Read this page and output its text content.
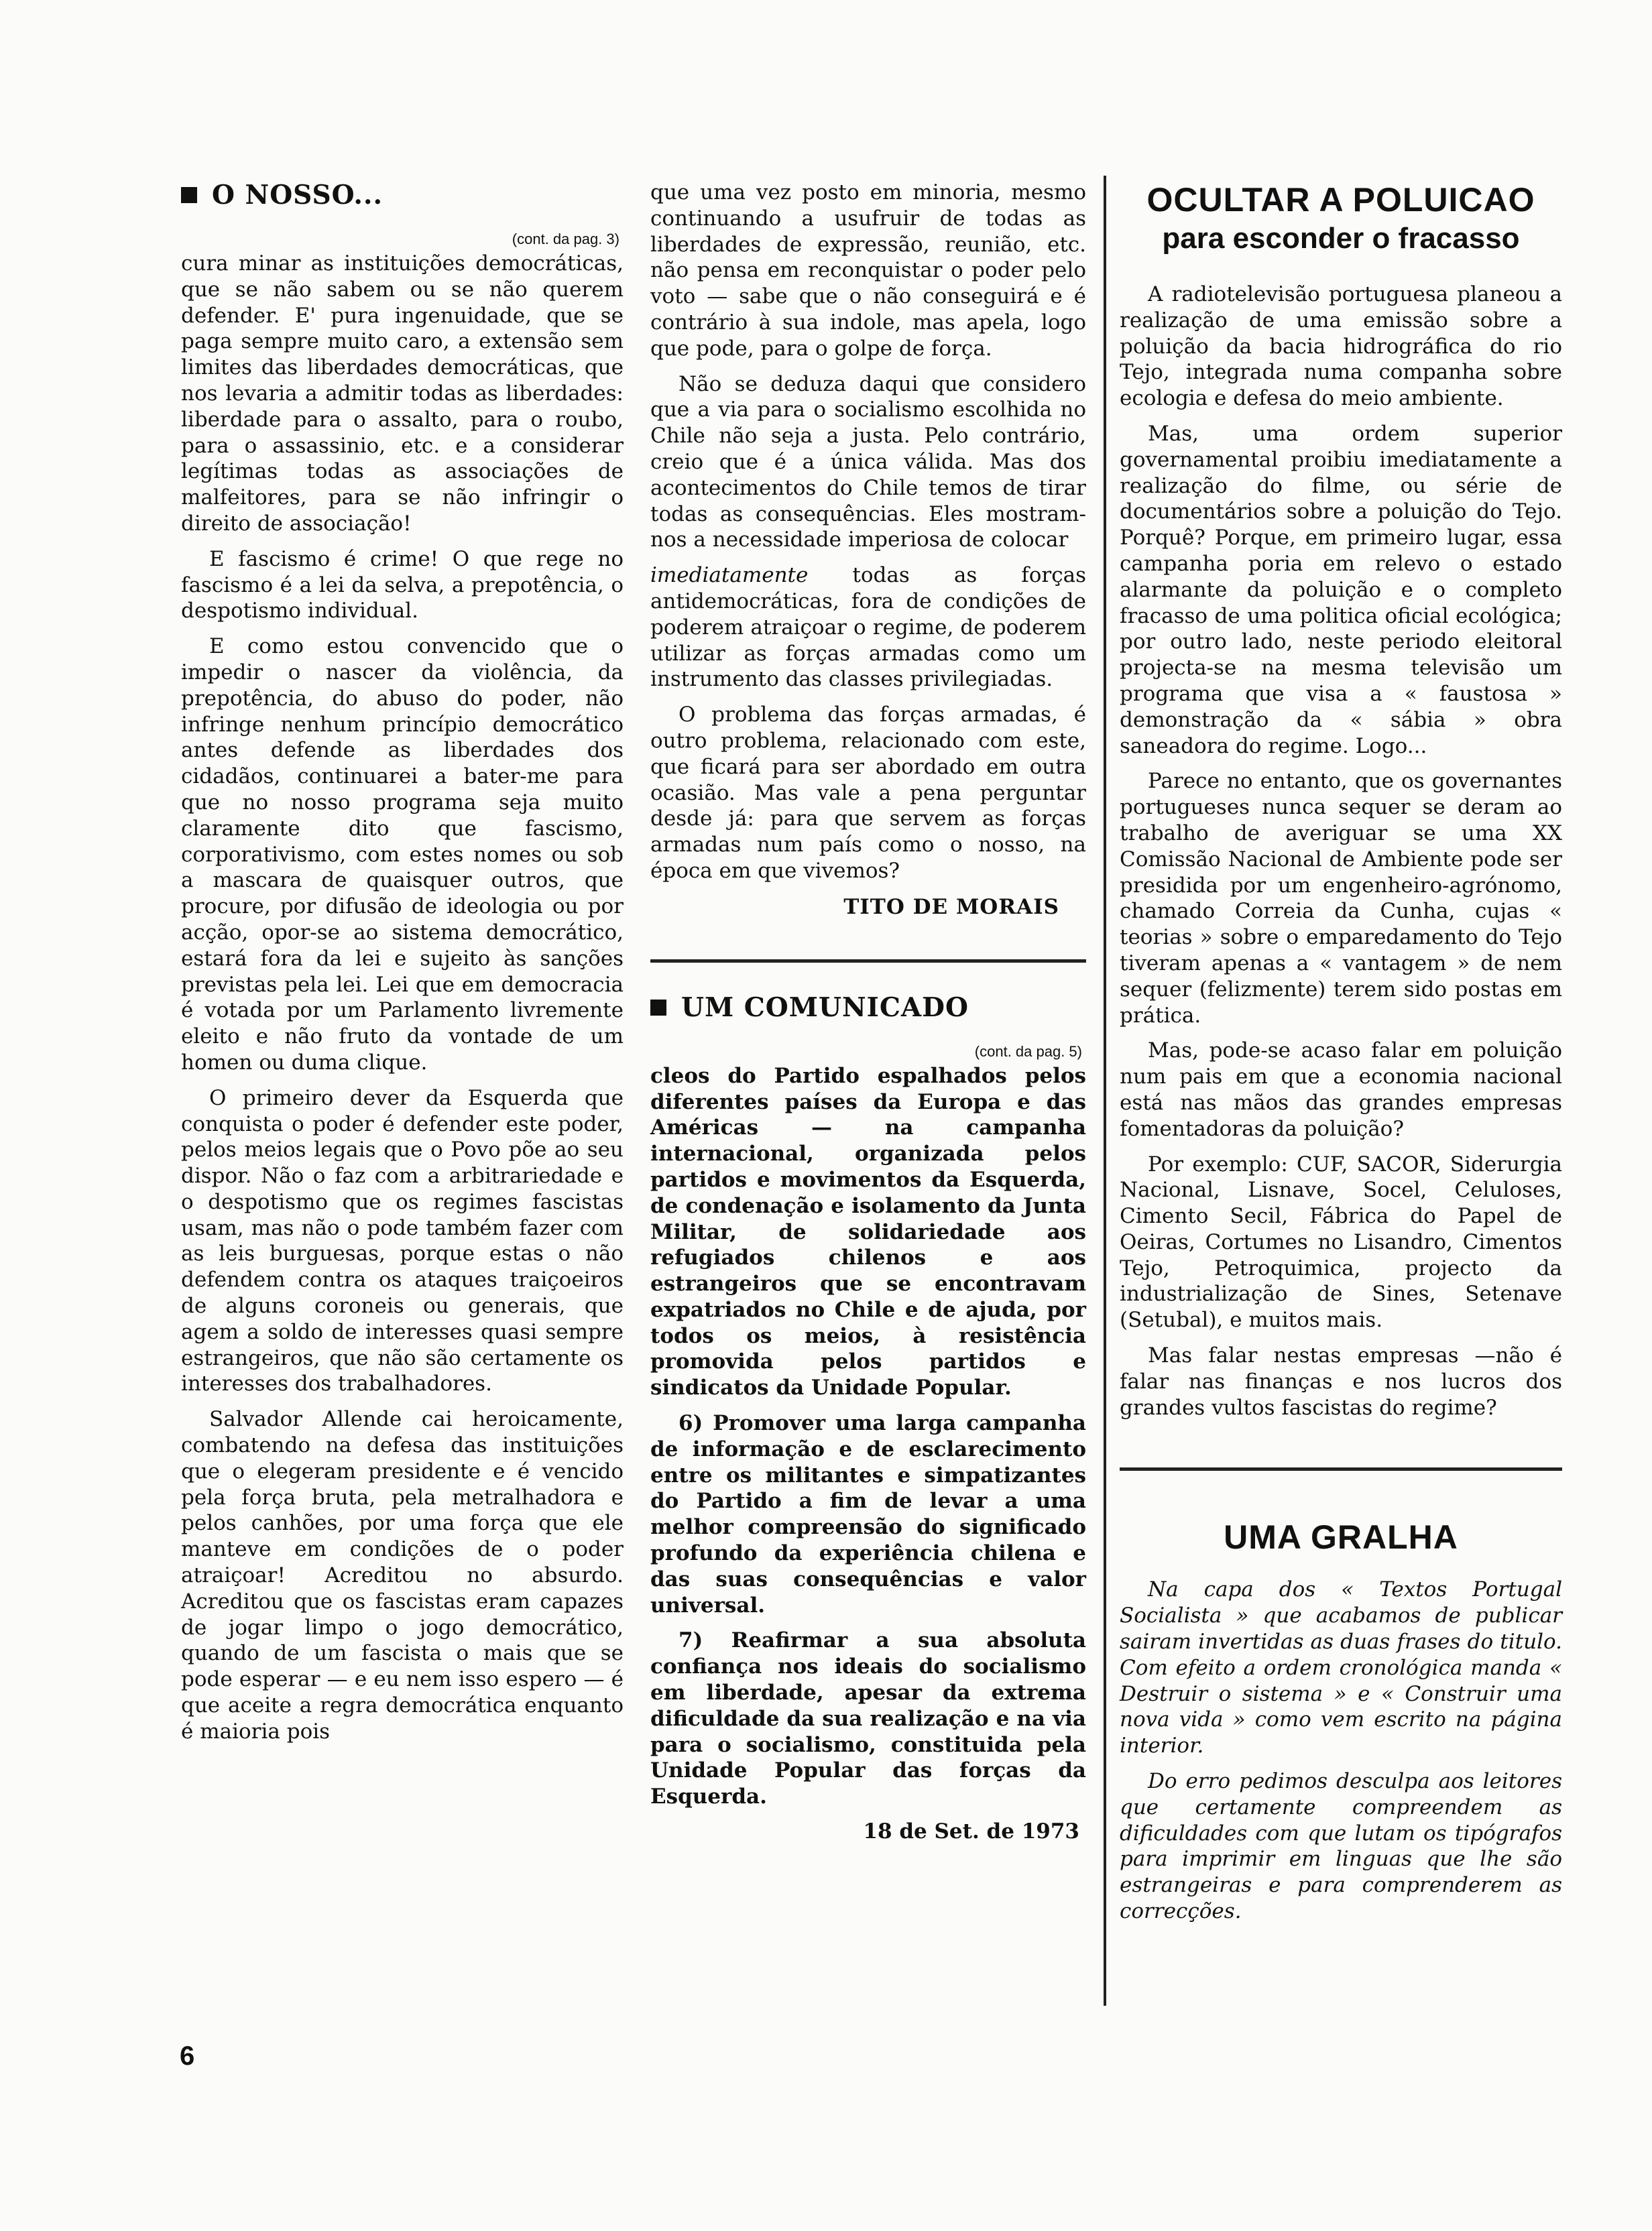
O NOSSO...
(cont. da pag. 3)

cura minar as instituições democráticas, que se não sabem ou se não querem defender. E' pura ingenuidade, que se paga sempre muito caro, a extensão sem limites das liberdades democráticas, que nos levaria a admitir todas as liberdades: liberdade para o assalto, para o roubo, para o assassinio, etc. e a considerar legítimas todas as associações de malfeitores, para se não infringir o direito de associação!

E fascismo é crime! O que rege no fascismo é a lei da selva, a prepotência, o despotismo individual.

E como estou convencido que o impedir o nascer da violência, da prepotência, do abuso do poder, não infringe nenhum princípio democrático antes defende as liberdades dos cidadãos, continuarei a bater-me para que no nosso programa seja muito claramente dito que fascismo, corporativismo, com estes nomes ou sob a mascara de quaisquer outros, que procure, por difusão de ideologia ou por acção, opor-se ao sistema democrático, estará fora da lei e sujeito às sanções previstas pela lei. Lei que em democracia é votada por um Parlamento livremente eleito e não fruto da vontade de um homen ou duma clique.

O primeiro dever da Esquerda que conquista o poder é defender este poder, pelos meios legais que o Povo põe ao seu dispor. Não o faz com a arbitrariedade e o despotismo que os regimes fascistas usam, mas não o pode também fazer com as leis burguesas, porque estas o não defendem contra os ataques traiçoeiros de alguns coroneis ou generais, que agem a soldo de interesses quasi sempre estrangeiros, que não são certamente os interesses dos trabalhadores.

Salvador Allende cai heroicamente, combatendo na defesa das instituições que o elegeram presidente e é vencido pela força bruta, pela metralhadora e pelos canhões, por uma força que ele manteve em condições de o poder atraiçoar! Acreditou no absurdo. Acreditou que os fascistas eram capazes de jogar limpo o jogo democrático, quando de um fascista o mais que se pode esperar — e eu nem isso espero — é que aceite a regra democrática enquanto é maioria pois

que uma vez posto em minoria, mesmo continuando a usufruir de todas as liberdades de expressão, reunião, etc. não pensa em reconquistar o poder pelo voto — sabe que o não conseguirá e é contrário à sua indole, mas apela, logo que pode, para o golpe de força.

Não se deduza daqui que considero que a via para o socialismo escolhida no Chile não seja a justa. Pelo contrário, creio que é a única válida. Mas dos acontecimentos do Chile temos de tirar todas as consequências. Eles mostram-nos a necessidade imperiosa de colocar

imediatamente todas as forças antidemocráticas, fora de condições de poderem atraiçoar o regime, de poderem utilizar as forças armadas como um instrumento das classes privilegiadas.

O problema das forças armadas, é outro problema, relacionado com este, que ficará para ser abordado em outra ocasião. Mas vale a pena perguntar desde já: para que servem as forças armadas num país como o nosso, na época em que vivemos?

TITO DE MORAIS
UM COMUNICADO
(cont. da pag. 5)

cleos do Partido espalhados pelos diferentes países da Europa e das Américas — na campanha internacional, organizada pelos partidos e movimentos da Esquerda, de condenação e isolamento da Junta Militar, de solidariedade aos refugiados chilenos e aos estrangeiros que se encontravam expatriados no Chile e de ajuda, por todos os meios, à resistência promovida pelos partidos e sindicatos da Unidade Popular.

6) Promover uma larga campanha de informação e de esclarecimento entre os militantes e simpatizantes do Partido a fim de levar a uma melhor compreensão do significado profundo da experiência chilena e das suas consequências e valor universal.

7) Reafirmar a sua absoluta confiança nos ideais do socialismo em liberdade, apesar da extrema dificuldade da sua realização e na via para o socialismo, constituida pela Unidade Popular das forças da Esquerda.

18 de Set. de 1973
OCULTAR A POLUICAO
para esconder o fracasso

A radiotelevisão portuguesa planeou a realização de uma emissão sobre a poluição da bacia hidrográfica do rio Tejo, integrada numa companha sobre ecologia e defesa do meio ambiente.

Mas, uma ordem superior governamental proibiu imediatamente a realização do filme, ou série de documentários sobre a poluição do Tejo. Porquê? Porque, em primeiro lugar, essa campanha poria em relevo o estado alarmante da poluição e o completo fracasso de uma politica oficial ecológica; por outro lado, neste periodo eleitoral projecta-se na mesma televisão um programa que visa a « faustosa » demonstração da « sábia » obra saneadora do regime. Logo...

Parece no entanto, que os governantes portugueses nunca sequer se deram ao trabalho de averiguar se uma XX Comissão Nacional de Ambiente pode ser presidida por um engenheiro-agrónomo, chamado Correia da Cunha, cujas « teorias » sobre o emparedamento do Tejo tiveram apenas a « vantagem » de nem sequer (felizmente) terem sido postas em prática.

Mas, pode-se acaso falar em poluição num pais em que a economia nacional está nas mãos das grandes empresas fomentadoras da poluição?

Por exemplo: CUF, SACOR, Siderurgia Nacional, Lisnave, Socel, Celuloses, Cimento Secil, Fábrica do Papel de Oeiras, Cortumes no Lisandro, Cimentos Tejo, Petroquimica, projecto da industrialização de Sines, Setenave (Setubal), e muitos mais.

Mas falar nestas empresas —não é falar nas finanças e nos lucros dos grandes vultos fascistas do regime?

UMA GRALHA

Na capa dos « Textos Portugal Socialista » que acabamos de publicar sairam invertidas as duas frases do titulo. Com efeito a ordem cronológica manda « Destruir o sistema » e « Construir uma nova vida » como vem escrito na página interior.

Do erro pedimos desculpa aos leitores que certamente compreendem as dificuldades com que lutam os tipógrafos para imprimir em linguas que lhe são estrangeiras e para comprenderem as correcções.

6
